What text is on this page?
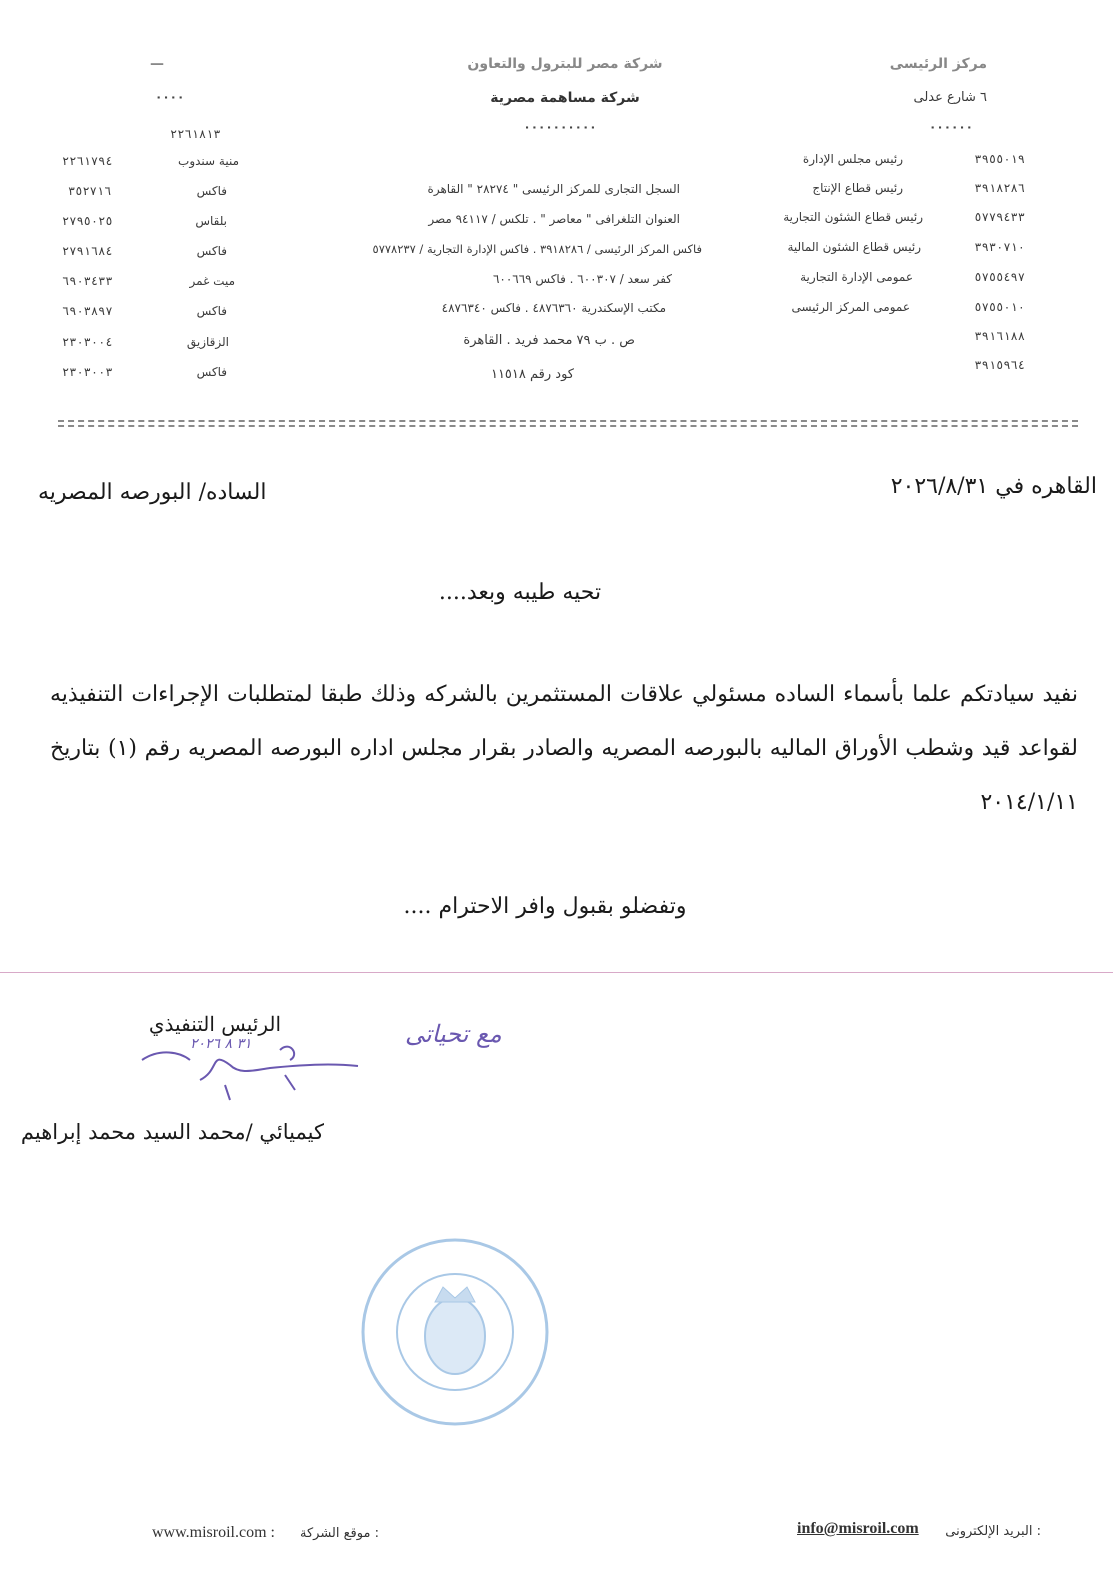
مركز الرئيسى
شركة مصر للبترول والتعاون
—
٦ شارع عدلى
شركة مساهمة مصرية
٠٠٠٠
٠٠٠٠٠٠٠٠٠٠	٠٠٠٠٠٠
٢٢٦١٨١٣
٣٩٥٥٠١٩
رئيس مجلس الإدارة
٣٩١٨٢٨٦
رئيس قطاع الإنتاج
٥٧٧٩٤٣٣
رئيس قطاع الشئون التجارية
٣٩٣٠٧١٠
رئيس قطاع الشئون المالية
٥٧٥٥٤٩٧
عمومى الإدارة التجارية
٥٧٥٥٠١٠
عمومى المركز الرئيسى
٣٩١٦١٨٨
٣٩١٥٩٦٤
السجل التجارى للمركز الرئيسى " ٢٨٢٧٤ " القاهرة
العنوان التلغرافى " معاصر " . تلكس / ٩٤١١٧ مصر
فاكس المركز الرئيسى / ٣٩١٨٢٨٦ . فاكس الإدارة التجارية / ٥٧٧٨٢٣٧
كفر سعد / ٦٠٠٣٠٧ . فاكس ٦٠٠٦٦٩
مكتب الإسكندرية ٤٨٧٦٣٦٠ . فاكس ٤٨٧٦٣٤٠
ص . ب ٧٩ محمد فريد . القاهرة
كود رقم ١١٥١٨
منية سندوب
٢٢٦١٧٩٤
فاكس
٣٥٢٧١٦
بلقاس
٢٧٩٥٠٢٥
فاكس
٢٧٩١٦٨٤
ميت غمر
٦٩٠٣٤٣٣
فاكس
٦٩٠٣٨٩٧
الزقازيق
٢٣٠٣٠٠٤
فاكس
٢٣٠٣٠٠٣
القاهره في ٢٠٢٦/٨/٣١
الساده/ البورصه المصريه
تحيه طيبه وبعد....
نفيد سيادتكم علما بأسماء الساده مسئولي علاقات المستثمرين بالشركه وذلك طبقا لمتطلبات الإجراءات التنفيذيه لقواعد قيد وشطب الأوراق الماليه بالبورصه المصريه والصادر بقرار مجلس اداره البورصه المصريه رقم (١) بتاريخ ٢٠١٤/١/١١
وتفضلو بقبول وافر الاحترام ....
الرئيس التنفيذي	مع تحياتى
٣١ ٨ ٢٠٢٦
كيميائي /محمد السيد محمد إبراهيم
البريد الإلكترونى :
info@misroil.com
موقع الشركة :
www.misroil.com :
